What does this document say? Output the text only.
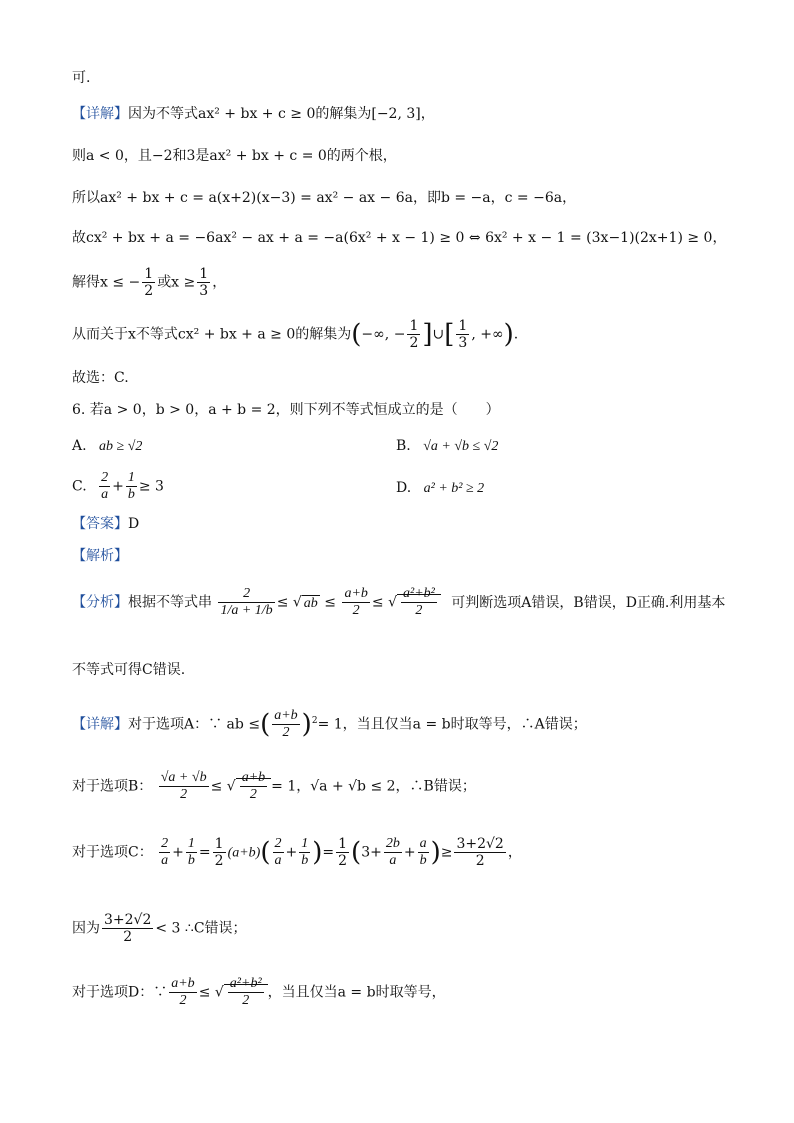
可.
【详解】因为不等式ax² + bx + c ≥ 0的解集为[−2, 3]，
则a < 0，且−2和3是ax² + bx + c = 0的两个根，
所以ax² + bx + c = a(x+2)(x−3) = ax² − ax − 6a，即b = −a，c = −6a，
故cx² + bx + a = −6ax² − ax + a = −a(6x² + x − 1) ≥ 0 ⇔ 6x² + x − 1 = (3x−1)(2x+1) ≥ 0，
解得x ≤ − $\frac{1}{2}$ 或$x \ge \frac{1}{3}$ ，
从而关于x不等式cx² + bx + a ≥ 0的解集为(−∞, − $\frac{1}{2}$ ]∪[ $\frac{1}{3}$ , +∞).
故选：C.
6. 若a > 0，b > 0，a + b = 2，则下列不等式恒成立的是（　　）
A. ab ≥ √2	B. √a + √b ≤ √2
C. $\frac{2}{a} + \frac{1}{b} \ge 3$	D. a² + b² ≥ 2
【答案】D
【解析】
【分析】根据不等式串 $\frac{2}{1/a + 1/b}$ ≤ √ ab ≤ $\frac{a+b}{2}$ ≤ √ $\frac{\text{a²+b²}}{2}$ 可判断选项A错误，B错误，D正确.利用基本
不等式可得C错误.
【详解】对于选项A：∵ ab ≤( $\frac{a+b}{2} )^2= 1$，当且仅当a = b时取等号，∴A错误；
对于选项B： $\frac{√a + √b}{2}$ ≤ √ $\frac{a+b}{2} = 1$，√a + √b ≤ 2，∴B错误；
对于选项C： $\frac{2}{a} + \frac{1}{b} = \frac{1}{2} (a+b)( \frac{2}{a} + \frac{1}{b}$ )= $\frac{1}{2} (3+ \frac{2b}{a} + \frac{a}{b}$ )≥ $\frac{3+2√2}{2}$ ，
因为 $\frac{3+2√2}{2} < 3$ ∴C错误；
对于选项D：∵ $\frac{a+b}{2}$ ≤ √ $\frac{\text{a²+b²}}{2}$ ，当且仅当a = b时取等号，
